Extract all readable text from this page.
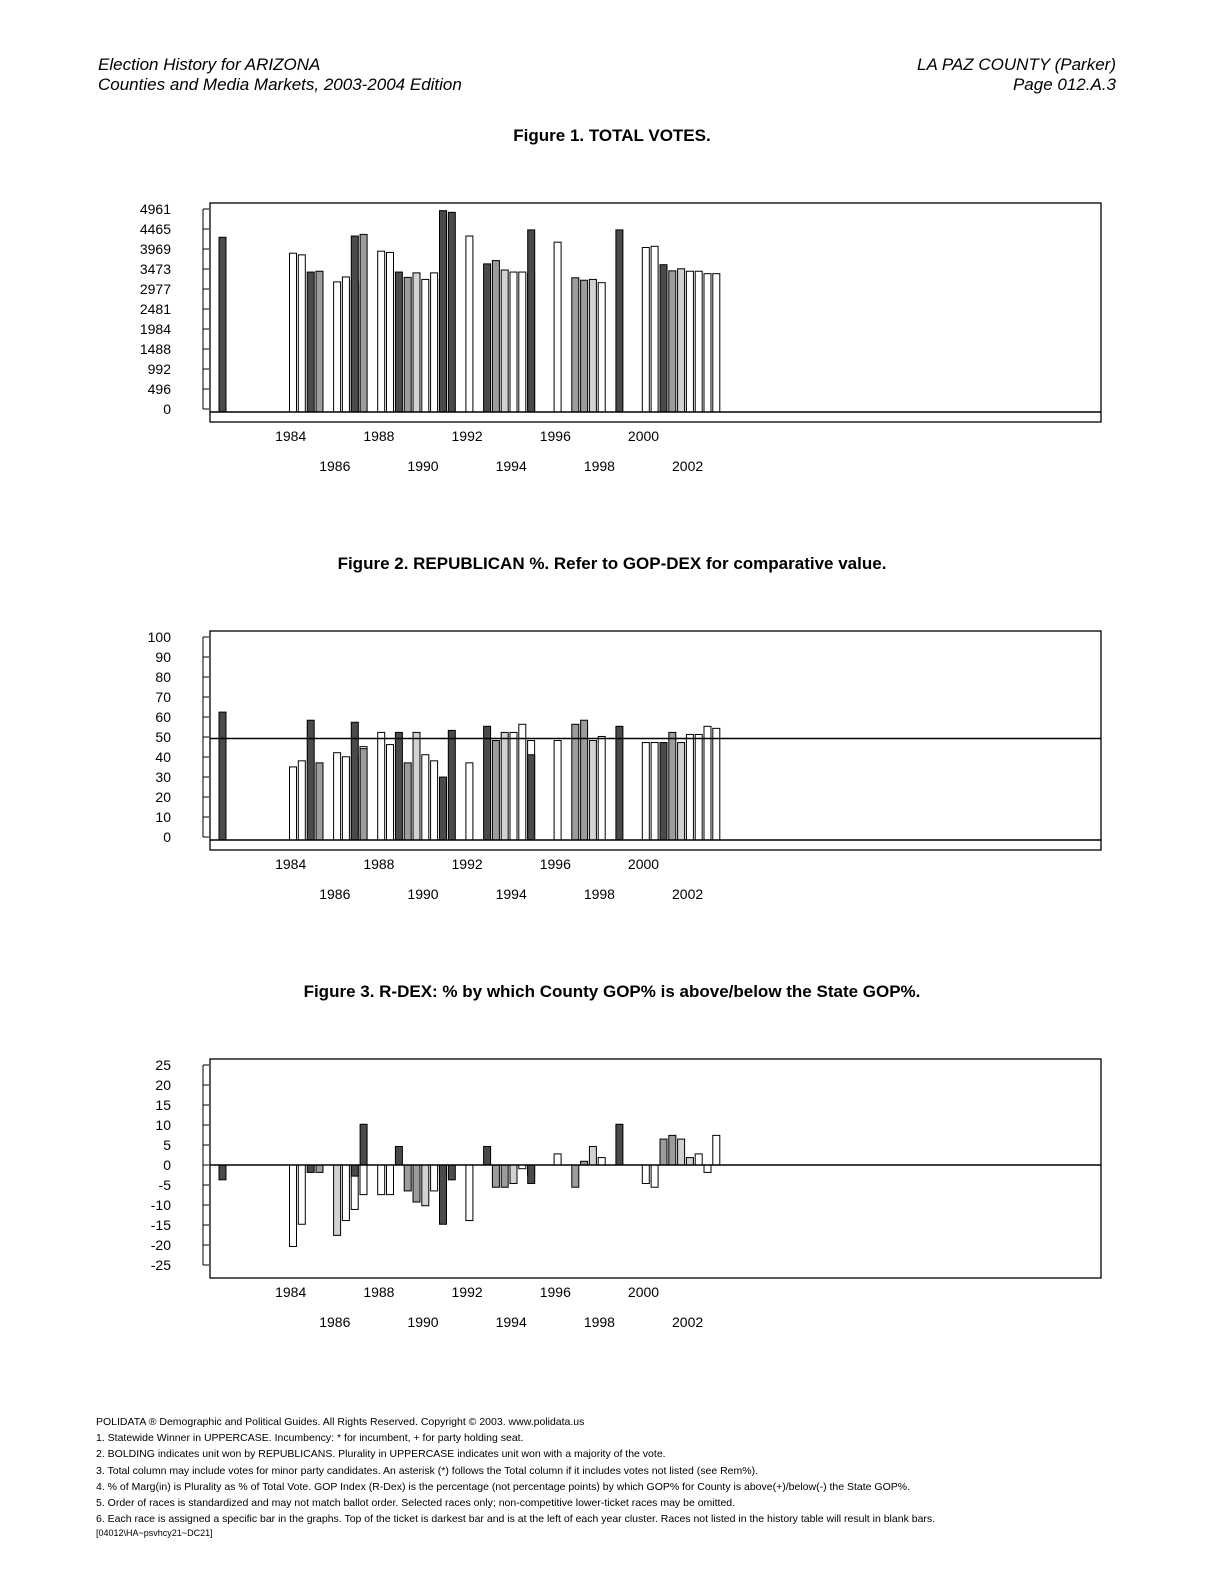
Election History for ARIZONA
Counties and Media Markets, 2003-2004 Edition
LA PAZ COUNTY (Parker)
Page 012.A.3
Figure 1. TOTAL VOTES.
4961
4465
3969
3473
2977
2481
1984
1488
992
496
0
1984	1988	1992	1996	2000
1986	1990	1994	1998	2002
Figure 2. REPUBLICAN %. Refer to GOP-DEX for comparative value.
100
90
80
70
60
50
40
30
20
10
0
1984	1988	1992	1996	2000
1986	1990	1994	1998	2002
Figure 3. R-DEX: % by which County GOP% is above/below the State GOP%.
25
20
15
10
5
0
-5
-10
-15
-20
-25
1984	1988	1992	1996	2000
1986	1990	1994	1998	2002
POLIDATA ® Demographic and Political Guides. All Rights Reserved. Copyright © 2003. www.polidata.us
1. Statewide Winner in UPPERCASE. Incumbency: * for incumbent, + for party holding seat.
2. BOLDING indicates unit won by REPUBLICANS. Plurality in UPPERCASE indicates unit won with a majority of the vote.
3. Total column may include votes for minor party candidates. An asterisk (*) follows the Total column if it includes votes not listed (see Rem%).
4. % of Marg(in) is Plurality as % of Total Vote. GOP Index (R-Dex) is the percentage (not percentage points) by which GOP% for County is above(+)/below(-) the State GOP%.
5. Order of races is standardized and may not match ballot order. Selected races only; non-competitive lower-ticket races may be omitted.
6. Each race is assigned a specific bar in the graphs. Top of the ticket is darkest bar and is at the left of each year cluster. Races not listed in the history table will result in blank bars.
[04012\HA~psvhcy21~DC21]
